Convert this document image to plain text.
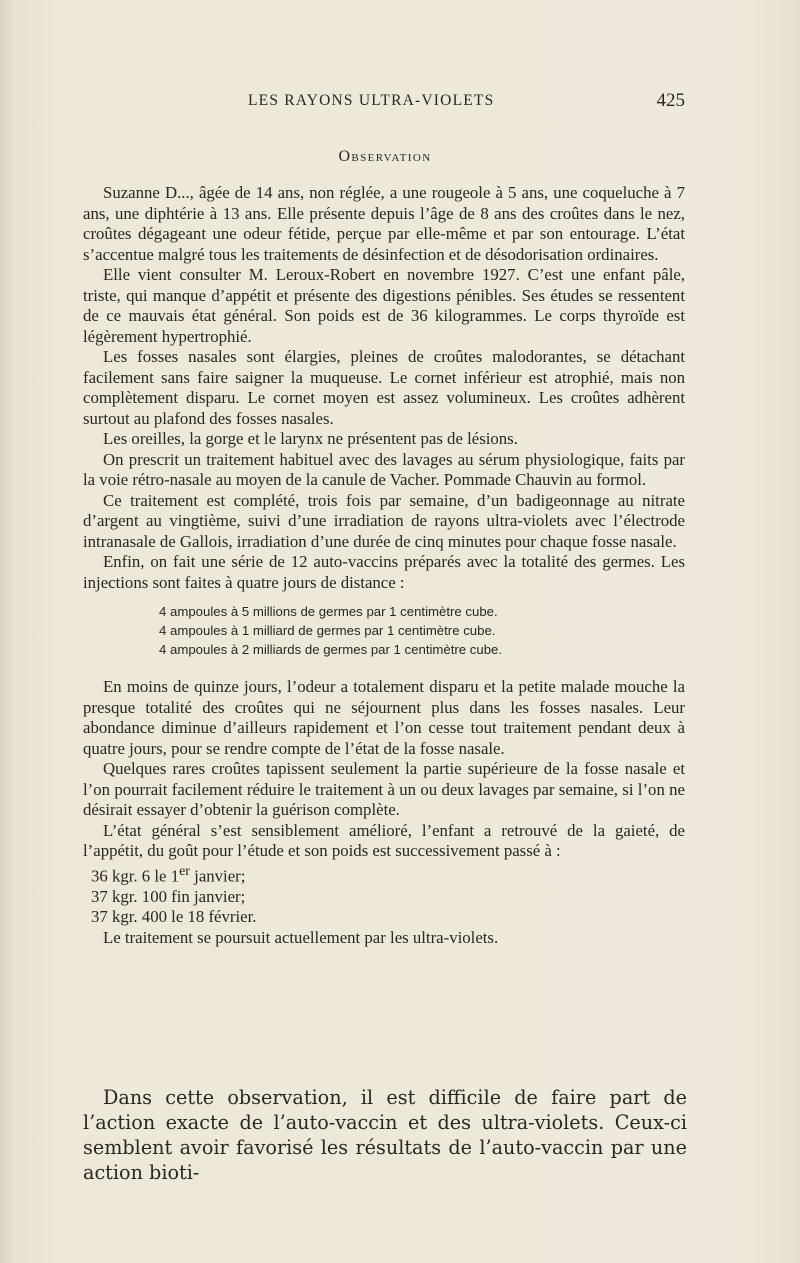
LES RAYONS ULTRA-VIOLETS	425
Observation

Suzanne D..., âgée de 14 ans, non réglée, a une rougeole à 5 ans, une coqueluche à 7 ans, une diphtérie à 13 ans. Elle présente depuis l’âge de 8 ans des croûtes dans le nez, croûtes dégageant une odeur fétide, perçue par elle-même et par son entourage. L’état s’accentue malgré tous les traitements de désinfection et de désodorisation ordinaires.

Elle vient consulter M. Leroux-Robert en novembre 1927. C’est une enfant pâle, triste, qui manque d’appétit et présente des digestions pénibles. Ses études se ressentent de ce mauvais état général. Son poids est de 36 kilogrammes. Le corps thyroïde est légèrement hypertrophié.

Les fosses nasales sont élargies, pleines de croûtes malodorantes, se détachant facilement sans faire saigner la muqueuse. Le cornet inférieur est atrophié, mais non complètement disparu. Le cornet moyen est assez volumineux. Les croûtes adhèrent surtout au plafond des fosses nasales.

Les oreilles, la gorge et le larynx ne présentent pas de lésions.

On prescrit un traitement habituel avec des lavages au sérum physiologique, faits par la voie rétro-nasale au moyen de la canule de Vacher. Pommade Chauvin au formol.

Ce traitement est complété, trois fois par semaine, d’un badigeonnage au nitrate d’argent au vingtième, suivi d’une irradiation de rayons ultra-violets avec l’électrode intranasale de Gallois, irradiation d’une durée de cinq minutes pour chaque fosse nasale.

Enfin, on fait une série de 12 auto-vaccins préparés avec la totalité des germes. Les injections sont faites à quatre jours de distance :

4 ampoules à 5 millions de germes par 1 centimètre cube.
4 ampoules à 1 milliard de germes par 1 centimètre cube.
4 ampoules à 2 milliards de germes par 1 centimètre cube.

En moins de quinze jours, l’odeur a totalement disparu et la petite malade mouche la presque totalité des croûtes qui ne séjournent plus dans les fosses nasales. Leur abondance diminue d’ailleurs rapidement et l’on cesse tout traitement pendant deux à quatre jours, pour se rendre compte de l’état de la fosse nasale.

Quelques rares croûtes tapissent seulement la partie supérieure de la fosse nasale et l’on pourrait facilement réduire le traitement à un ou deux lavages par semaine, si l’on ne désirait essayer d’obtenir la guérison complète.

L’état général s’est sensiblement amélioré, l’enfant a retrouvé de la gaieté, de l’appétit, du goût pour l’étude et son poids est successivement passé à :

36 kgr. 6 le 1er janvier;
37 kgr. 100 fin janvier;
37 kgr. 400 le 18 février.

Le traitement se poursuit actuellement par les ultra-violets.

Dans cette observation, il est difficile de faire part de l’action exacte de l’auto-vaccin et des ultra-violets. Ceux-ci semblent avoir favorisé les résultats de l’auto-vaccin par une action bioti-
